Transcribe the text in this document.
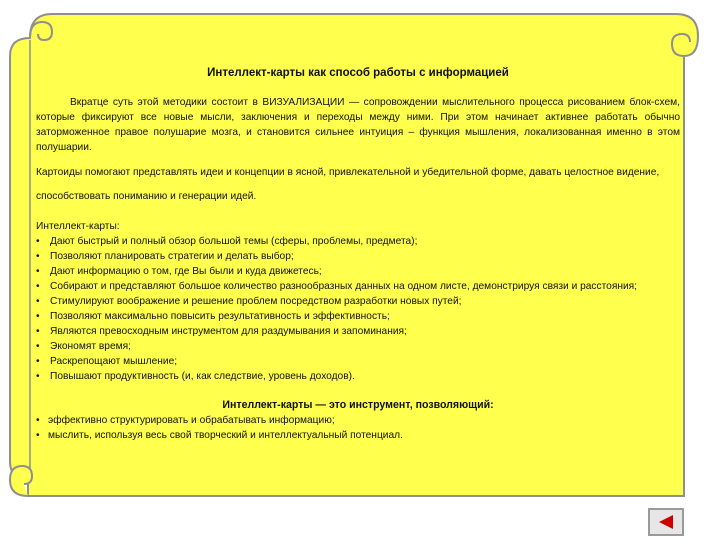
Интеллект-карты как способ работы с информацией

Вкратце суть этой методики состоит в ВИЗУАЛИЗАЦИИ — сопровождении мыслительного процесса рисованием блок-схем, которые фиксируют все новые мысли, заключения и переходы между ними. При этом начинает активнее работать обычно заторможенное правое полушарие мозга, и становится сильнее интуиция – функция мышления, локализованная именно в этом полушарии.

Картоиды помогают представлять идеи и концепции в ясной, привлекательной и убедительной форме, давать целостное видение, способствовать пониманию и генерации идей.

Интеллект-карты:

• Дают быстрый и полный обзор большой темы (сферы, проблемы, предмета);
• Позволяют планировать стратегии и делать выбор;
• Дают информацию о том, где Вы были и куда движетесь;
• Собирают и представляют большое количество разнообразных данных на одном листе, демонстрируя связи и расстояния;
• Стимулируют воображение и решение проблем посредством разработки новых путей;
• Позволяют максимально повысить результативность и эффективность;
• Являются превосходным инструментом для раздумывания и запоминания;
• Экономят время;
• Раскрепощают мышление;
• Повышают продуктивность (и, как следствие, уровень доходов).

Интеллект-карты — это инструмент, позволяющий:

• эффективно структурировать и обрабатывать информацию;
• мыслить, используя весь свой творческий и интеллектуальный потенциал.
